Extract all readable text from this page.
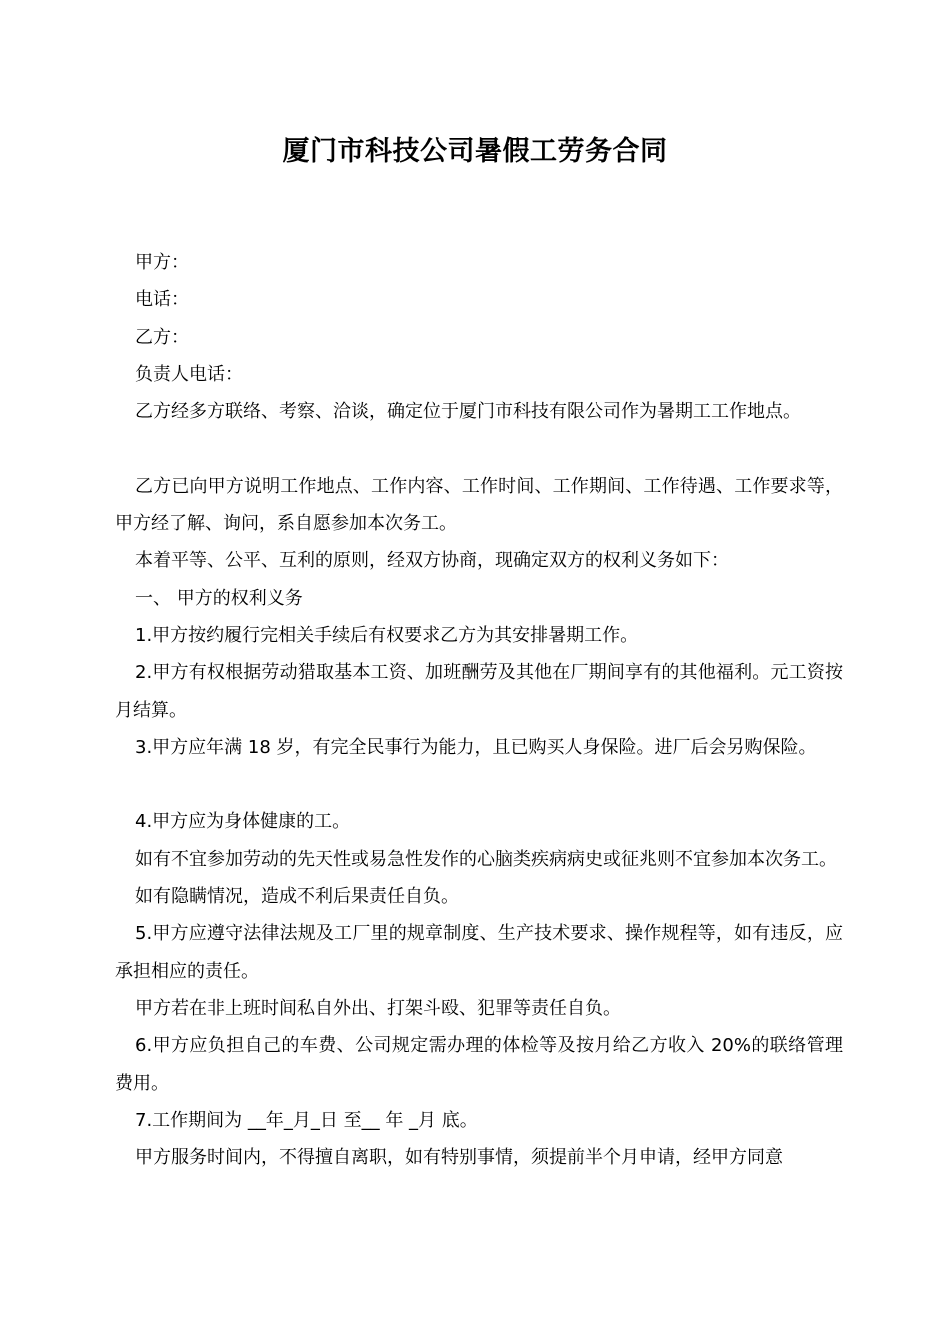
厦门市科技公司暑假工劳务合同

甲方：

电话：

乙方：

负责人电话：

乙方经多方联络、考察、洽谈，确定位于厦门市科技有限公司作为暑期工工作地点。

乙方已向甲方说明工作地点、工作内容、工作时间、工作期间、工作待遇、工作要求等，甲方经了解、询问，系自愿参加本次务工。

本着平等、公平、互利的原则，经双方协商，现确定双方的权利义务如下：

一、 甲方的权利义务

1.甲方按约履行完相关手续后有权要求乙方为其安排暑期工作。

2.甲方有权根据劳动猎取基本工资、加班酬劳及其他在厂期间享有的其他福利。元工资按月结算。

3.甲方应年满 18 岁，有完全民事行为能力，且已购买人身保险。进厂后会另购保险。

4.甲方应为身体健康的工。

如有不宜参加劳动的先天性或易急性发作的心脑类疾病病史或征兆则不宜参加本次务工。

如有隐瞒情况，造成不利后果责任自负。

5.甲方应遵守法律法规及工厂里的规章制度、生产技术要求、操作规程等，如有违反，应承担相应的责任。

甲方若在非上班时间私自外出、打架斗殴、犯罪等责任自负。

6.甲方应负担自己的车费、公司规定需办理的体检等及按月给乙方收入 20%的联络管理费用。

7.工作期间为 __年_月_日 至__ 年 _月 底。

甲方服务时间内，不得擅自离职，如有特别事情，须提前半个月申请，经甲方同意
